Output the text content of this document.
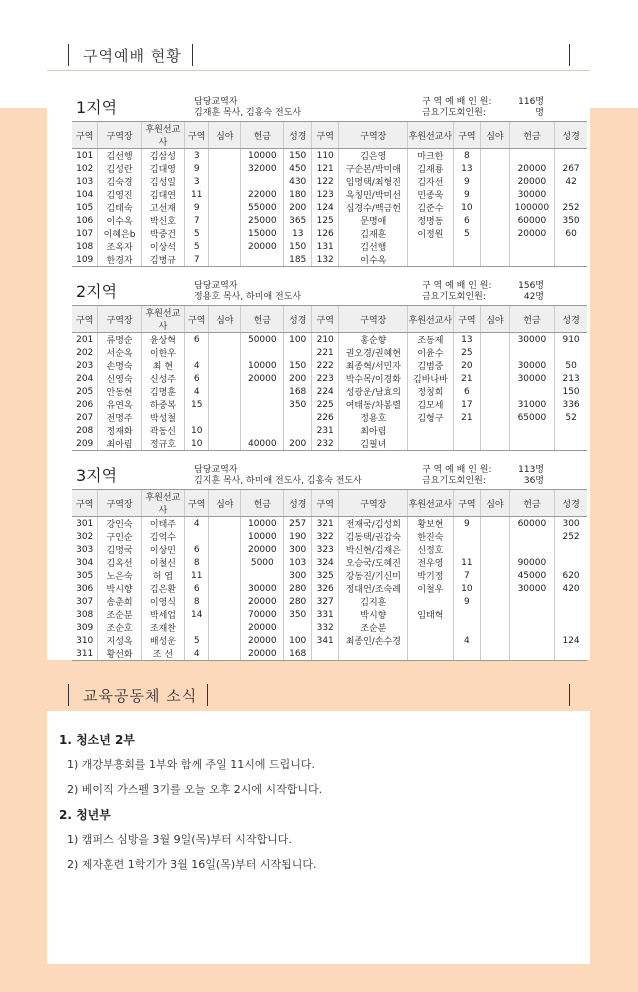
구역예배 현황
1지역	담당교역자
김재훈 목사, 김홍숙 전도사
구 역 예 배 인 원:	116명
금요기도회인원:	명
구역	구역장	후원선교사	구역	심야	헌금	성경	구역	구역장	후원선교사	구역	심야	헌금	성경
101	김선행	김삼성	3		10000	150	110	김은영	마크한	8			
102	김성란	김대영	9		32000	450	121	구순본/박미애	김재룡	13		20000	267
103	김숙경	김성일	3			430	122	임명택/최형진	김자선	9		20000	42
104	김영진	김대연	11		22000	180	123	옥칭민/박미선	민종욱	9		30000	
105	김태숙	고선재	9		55000	200	124	심경수/백금헌	김준수	10		100000	252
106	이수옥	박신호	7		25000	365	125	문명애	정명동	6		60000	350
107	이혜은b	박중건	5		15000	13	126	김재훈	이정원	5		20000	60
108	조옥자	이상석	5		20000	150	131	김선행					
109	한경자	김병규	7			185	132	이수옥					
2지역	담당교역자
정용호 목사, 하미애 전도사
구 역 예 배 인 원:	156명
금요기도회인원:	42명
구역	구역장	후원선교사	구역	심야	헌금	성경	구역	구역장	후원선교사	구역	심야	헌금	성경
201	류명순	윤상혁	6		50000	100	210	홍순향	조동제	13		30000	910
202	서순옥	이한우					221	권오경/권혜현	이윤수	25			
203	손명숙	최 현	4		10000	150	222	최종혁/서민자	김범중	20		30000	50
204	신영숙	신성주	6		20000	200	223	박수목/이경화	김바나바	21		30000	213
205	안동현	김명훈	4			168	224	성광운/남효의	정칭희	6			150
206	유연옥	하중복	15			350	225	여태동/차봉렬	김모세	17		31000	336
207	전명주	박성철					226	정용호	김형구	21		65000	52
208	정재화	곽동신	10				231	최아림					
209	최아림	정규호	10		40000	200	232	김필녀					
3지역	담당교역자
김지훈 목사, 하미애 전도사, 김홍숙 전도사
구 역 예 배 인 원:	113명
금요기도회인원:	36명
구역	구역장	후원선교사	구역	심야	헌금	성경	구역	구역장	후원선교사	구역	심야	헌금	성경
301	강인숙	이태주	4		10000	257	321	전재국/김성희	황보현	9		60000	300
302	구인순	김억수			10000	190	322	김동택/권갑숙	한진숙				252
303	김명국	이상민	6		20000	300	323	박신현/김재은	신정호				
304	김옥선	이철신	8		5000	103	324	오승국/도혜진	전우영	11		90000	
305	노은숙	허 엽	11			300	325	강동진/기신미	박기정	7		45000	620
306	박시향	김은환	6		30000	280	326	정대언/조숙례	이철우	10		30000	420
307	송춘희	이영식	8		20000	280	327	김지훈		9			
308	조순분	박세업	14		70000	350	331	박시향	임태혁				
309	조순호	조재찬			20000		332	조순분					
310	지성옥	배성운	5		20000	100	341	최종인/손수경		4			124
311	황선화	조 선	4		20000	168							
교육공동체 소식
1. 청소년 2부
1) 개강부흥회를 1부와 함께 주일 11시에 드립니다.
2) 베이직 가스펠 3기를 오늘 오후 2시에 시작합니다.
2. 청년부
1) 캠퍼스 심방을 3월 9일(목)부터 시작합니다.
2) 제자훈련 1학기가 3월 16일(목)부터 시작됩니다.
